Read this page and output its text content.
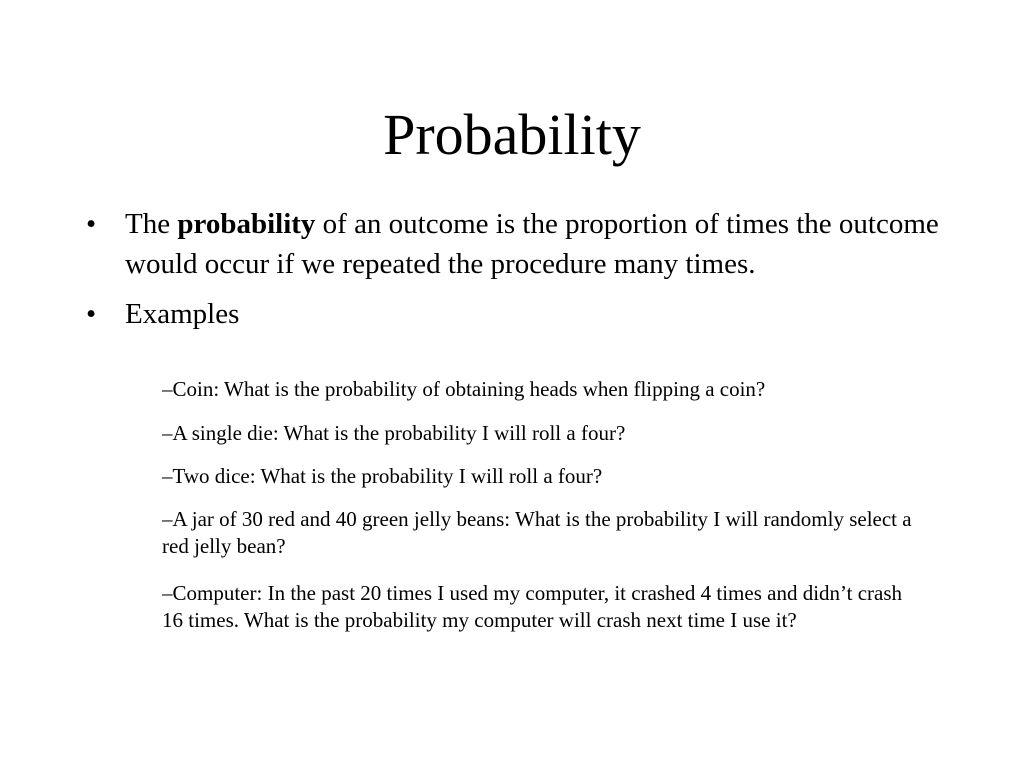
Probability
• The probability of an outcome is the proportion of times the outcome would occur if we repeated the procedure many times.
• Examples
–Coin: What is the probability of obtaining heads when flipping a coin?
–A single die: What is the probability I will roll a four?
–Two dice: What is the probability I will roll a four?
–A jar of 30 red and 40 green jelly beans: What is the probability I will randomly select a red jelly bean?
–Computer: In the past 20 times I used my computer, it crashed 4 times and didn’t crash 16 times. What is the probability my computer will crash next time I use it?
